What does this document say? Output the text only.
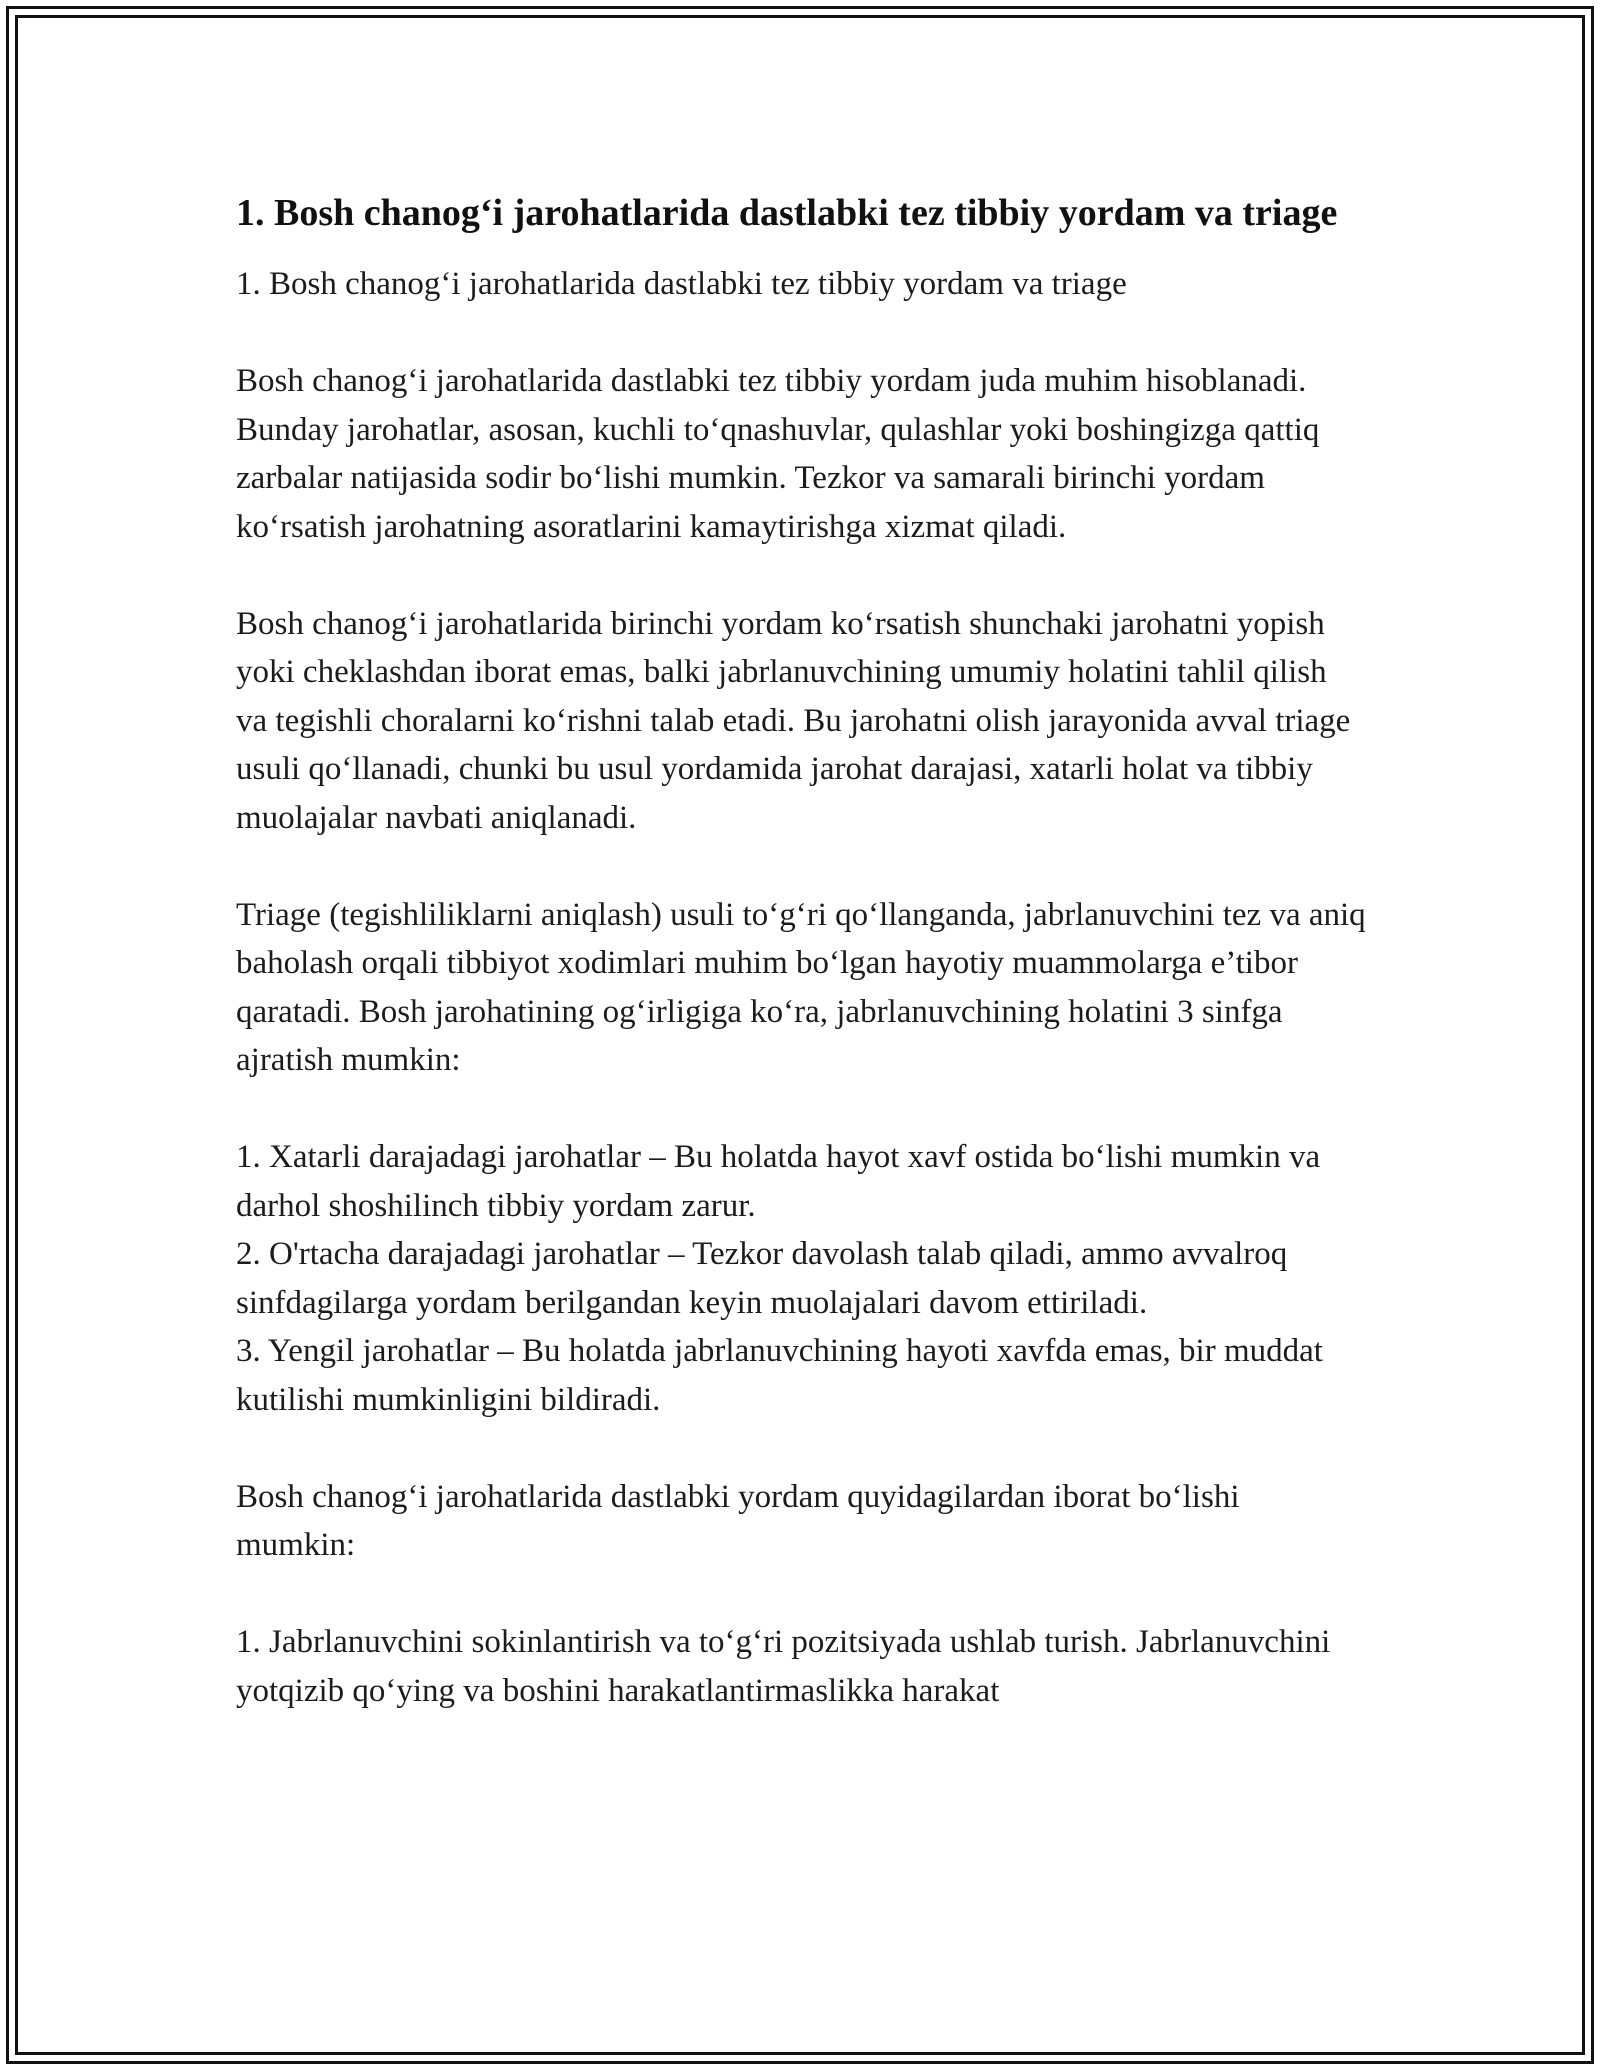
1. Bosh chanog‘i jarohatlarida dastlabki tez tibbiy yordam va triage

1. Bosh chanog‘i jarohatlarida dastlabki tez tibbiy yordam va triage

Bosh chanog‘i jarohatlarida dastlabki tez tibbiy yordam juda muhim hisoblanadi. Bunday jarohatlar, asosan, kuchli to‘qnashuvlar, qulashlar yoki boshingizga qattiq zarbalar natijasida sodir bo‘lishi mumkin. Tezkor va samarali birinchi yordam ko‘rsatish jarohatning asoratlarini kamaytirishga xizmat qiladi.

Bosh chanog‘i jarohatlarida birinchi yordam ko‘rsatish shunchaki jarohatni yopish yoki cheklashdan iborat emas, balki jabrlanuvchining umumiy holatini tahlil qilish va tegishli choralarni ko‘rishni talab etadi. Bu jarohatni olish jarayonida avval triage usuli qo‘llanadi, chunki bu usul yordamida jarohat darajasi, xatarli holat va tibbiy muolajalar navbati aniqlanadi.

Triage (tegishliliklarni aniqlash) usuli to‘g‘ri qo‘llanganda, jabrlanuvchini tez va aniq baholash orqali tibbiyot xodimlari muhim bo‘lgan hayotiy muammolarga e’tibor qaratadi. Bosh jarohatining og‘irligiga ko‘ra, jabrlanuvchining holatini 3 sinfga ajratish mumkin:

1. Xatarli darajadagi jarohatlar – Bu holatda hayot xavf ostida bo‘lishi mumkin va darhol shoshilinch tibbiy yordam zarur.

2. O'rtacha darajadagi jarohatlar – Tezkor davolash talab qiladi, ammo avvalroq sinfdagilarga yordam berilgandan keyin muolajalari davom ettiriladi.

3. Yengil jarohatlar – Bu holatda jabrlanuvchining hayoti xavfda emas, bir muddat kutilishi mumkinligini bildiradi.

Bosh chanog‘i jarohatlarida dastlabki yordam quyidagilardan iborat bo‘lishi mumkin:

1. Jabrlanuvchini sokinlantirish va to‘g‘ri pozitsiyada ushlab turish. Jabrlanuvchini yotqizib qo‘ying va boshini harakatlantirmaslikka harakat
